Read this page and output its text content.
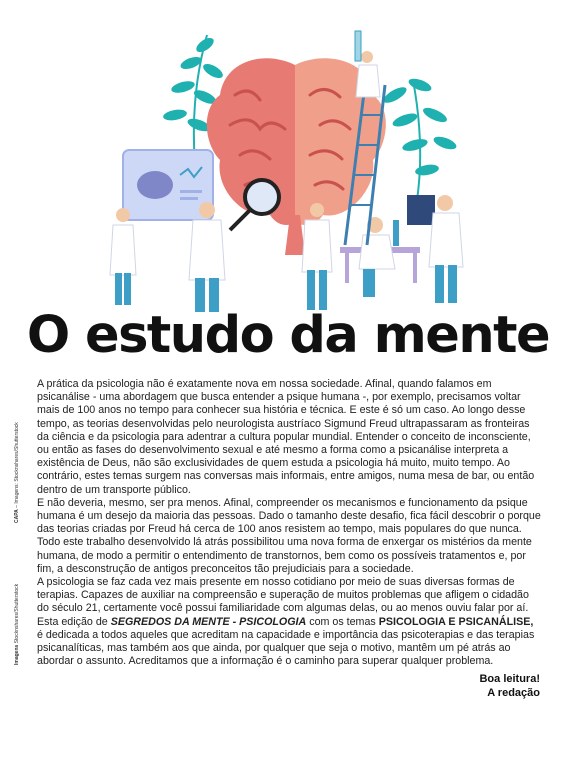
CAPA – Imagens: Stocknshares/Shutterstock
Imagens Stocknshares/Shutterstock
O estudo da mente

A prática da psicologia não é exatamente nova em nossa sociedade. Afinal, quando falamos em psicanálise - uma abordagem que busca entender a psique humana -, por exemplo, precisamos voltar mais de 100 anos no tempo para conhecer sua história e técnica. E este é só um caso. Ao longo desse tempo, as teorias desenvolvidas pelo neurologista austríaco Sigmund Freud ultrapassaram as fronteiras da ciência e da psicologia para adentrar a cultura popular mundial. Entender o conceito de inconsciente, ou então as fases do desenvolvimento sexual e até mesmo a forma como a psicanálise interpreta a existência de Deus, não são exclusividades de quem estuda a psicologia há muito, muito tempo. Ao contrário, estes temas surgem nas conversas mais informais, entre amigos, numa mesa de bar, ou então dentro de um transporte público.

E não deveria, mesmo, ser pra menos. Afinal, compreender os mecanismos e funcionamento da psique humana é um desejo da maioria das pessoas. Dado o tamanho deste desafio, fica fácil descobrir o porque das teorias criadas por Freud há cerca de 100 anos resistem ao tempo, mais populares do que nunca. Todo este trabalho desenvolvido lá atrás possibilitou uma nova forma de enxergar os mistérios da mente humana, de modo a permitir o entendimento de transtornos, bem como os possíveis tratamentos e, por fim, a desconstrução de antigos preconceitos tão prejudiciais para a sociedade.

A psicologia se faz cada vez mais presente em nosso cotidiano por meio de suas diversas formas de terapias. Capazes de auxiliar na compreensão e superação de muitos problemas que afligem o cidadão do século 21, certamente você possui familiaridade com algumas delas, ou ao menos ouviu falar por aí. Esta edição de SEGREDOS DA MENTE - PSICOLOGIA com os temas PSICOLOGIA E PSICANÁLISE, é dedicada a todos aqueles que acreditam na capacidade e importância das psicoterapias e das terapias psicanalíticas, mas também aos que ainda, por qualquer que seja o motivo, mantêm um pé atrás ao abordar o assunto. Acreditamos que a informação é o caminho para superar qualquer problema.

Boa leitura!
A redação
